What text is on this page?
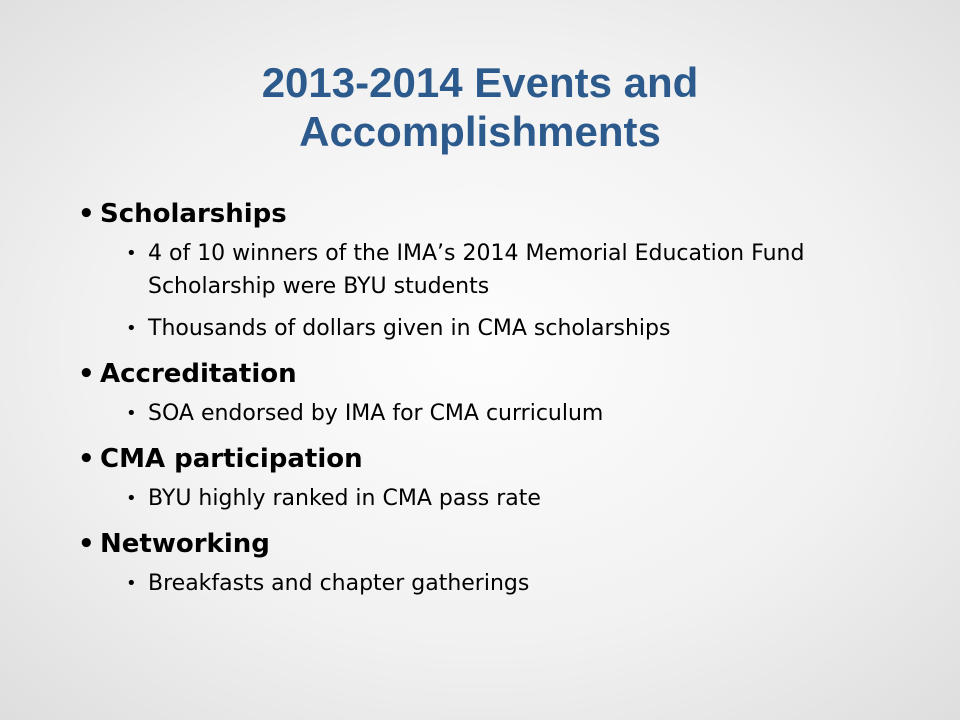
2013-2014 Events and
Accomplishments
• Scholarships
• 4 of 10 winners of the IMA’s 2014 Memorial Education Fund Scholarship were BYU students
• Thousands of dollars given in CMA scholarships
• Accreditation
• SOA endorsed by IMA for CMA curriculum
• CMA participation
• BYU highly ranked in CMA pass rate
• Networking
• Breakfasts and chapter gatherings
